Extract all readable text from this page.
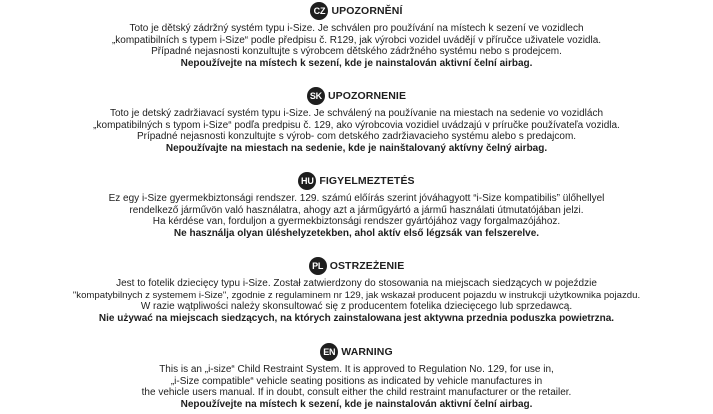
CZ UPOZORNĚNÍ
Toto je dětský zádržný systém typu i-Size. Je schválen pro používání na místech k sezení ve vozidlech
„kompatibilních s typem i-Size“ podle předpisu č. R129, jak výrobci vozidel uvádějí v příručce uživatele vozidla.
Případné nejasnosti konzultujte s výrobcem dětského zádržného systému nebo s prodejcem.
Nepoužívejte na místech k sezení, kde je nainstalován aktivní čelní airbag.
SK UPOZORNENIE
Toto je detský zadržiavací systém typu i-Size. Je schválený na používanie na miestach na sedenie vo vozidlách
„kompatibilných s typom i-Size“ podľa predpisu č. 129, ako výrobcovia vozidiel uvádzajú v príručke používateľa vozidla.
Prípadné nejasnosti konzultujte s výrob- com detského zadržiavacieho systému alebo s predajcom.
Nepoužívajte na miestach na sedenie, kde je nainštalovaný aktívny čelný airbag.
HU FIGYELMEZTETÉS
Ez egy i-Size gyermekbiztonsági rendszer. 129. számú előírás szerint jóváhagyott “i-Size kompatibilis” ülőhellyel
rendelkező járművön való használatra, ahogy azt a járműgyártó a jármű használati útmutatójában jelzi.
Ha kérdése van, forduljon a gyermekbiztonsági rendszer gyártójához vagy forgalmazójához.
Ne használja olyan üléshelyzetekben, ahol aktív első légzsák van felszerelve.
PL OSTRZEŻENIE
Jest to fotelik dziecięcy typu i-Size. Został zatwierdzony do stosowania na miejscach siedzących w pojeździe
"kompatybilnych z systemem i-Size", zgodnie z regulaminem nr 129, jak wskazał producent pojazdu w instrukcji użytkownika pojazdu.
W razie wątpliwości należy skonsultować się z producentem fotelika dziecięcego lub sprzedawcą.
Nie używać na miejscach siedzących, na których zainstalowana jest aktywna przednia poduszka powietrzna.
EN WARNING
This is an „i-size“ Child Restraint System. It is approved to Regulation No. 129, for use in,
„i-Size compatible“ vehicle seating positions as indicated by vehicle manufactures in
the vehicle users manual. If in doubt, consult either the child restraint manufacturer or the retailer.
Nepoužívejte na místech k sezení, kde je nainstalován aktivní čelní airbag.
